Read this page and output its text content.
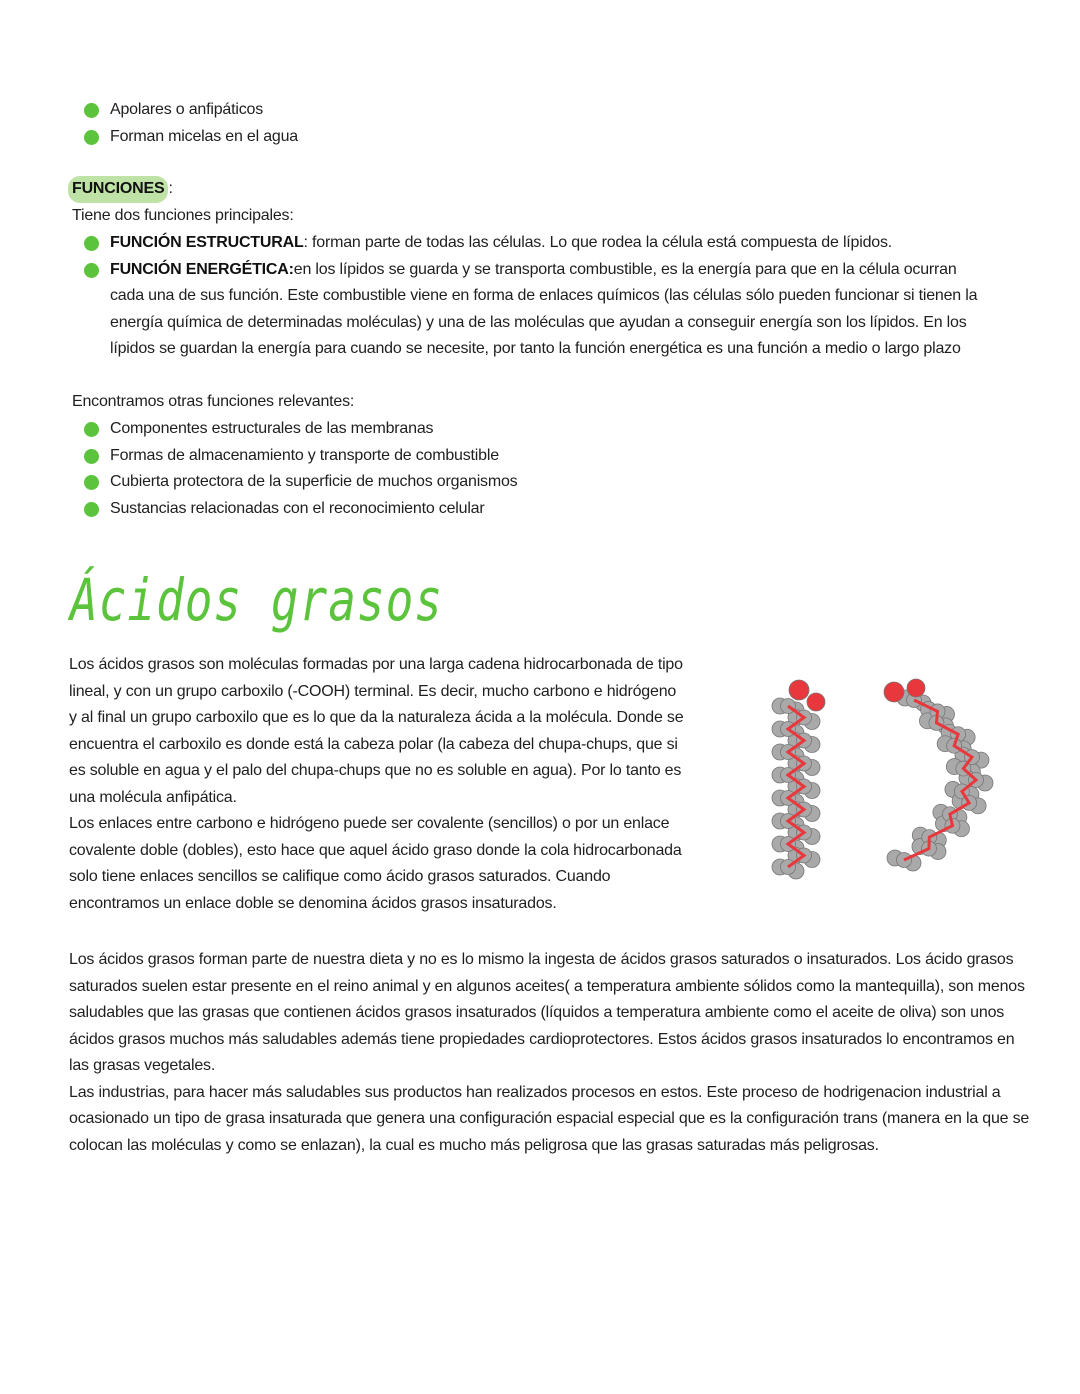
Apolares o anfipáticos
Forman micelas en el agua
FUNCIONES :
Tiene dos funciones principales:
FUNCIÓN ESTRUCTURAL: forman parte de todas las células. Lo que rodea la célula está compuesta de lípidos.
FUNCIÓN ENERGÉTICA:en los lípidos se guarda y se transporta combustible, es la energía para que en la célula ocurran cada una de sus función. Este combustible viene en forma de enlaces químicos (las células sólo pueden funcionar si tienen la energía química de determinadas moléculas) y una de las moléculas que ayudan a conseguir energía son los lípidos. En los lípidos se guardan la energía para cuando se necesite, por tanto la función energética es una función a medio o largo plazo
Encontramos otras funciones relevantes:
Componentes estructurales de las membranas
Formas de almacenamiento y transporte de combustible
Cubierta protectora de la superficie de muchos organismos
Sustancias relacionadas con el reconocimiento celular
Ácidos grasos

Los ácidos grasos son moléculas formadas por una larga cadena hidrocarbonada de tipo lineal, y con un grupo carboxilo (-COOH) terminal. Es decir, mucho carbono e hidrógeno y al final un grupo carboxilo que es lo que da la naturaleza ácida a la molécula. Donde se encuentra el carboxilo es donde está la cabeza polar (la cabeza del chupa-chups, que si es soluble en agua y el palo del chupa-chups que no es soluble en agua). Por lo tanto es una molécula anfipática.

Los enlaces entre carbono e hidrógeno puede ser covalente (sencillos) o por un enlace covalente doble (dobles), esto hace que aquel ácido graso donde la cola hidrocarbonada solo tiene enlaces sencillos se califique como ácido grasos saturados. Cuando encontramos un enlace doble se denomina ácidos grasos insaturados.

Los ácidos grasos forman parte de nuestra dieta y no es lo mismo la ingesta de ácidos grasos saturados o insaturados. Los ácido grasos saturados suelen estar presente en el reino animal y en algunos aceites( a temperatura ambiente sólidos como la mantequilla), son menos saludables que las grasas que contienen ácidos grasos insaturados (líquidos a temperatura ambiente como el aceite de oliva) son unos ácidos grasos muchos más saludables además tiene propiedades cardioprotectores. Estos ácidos grasos insaturados lo encontramos en las grasas vegetales.

Las industrias, para hacer más saludables sus productos han realizados procesos en estos. Este proceso de hodrigenacion industrial a ocasionado un tipo de grasa insaturada que genera una configuración espacial especial que es la configuración trans (manera en la que se colocan las moléculas y como se enlazan), la cual es mucho más peligrosa que las grasas saturadas más peligrosas.
